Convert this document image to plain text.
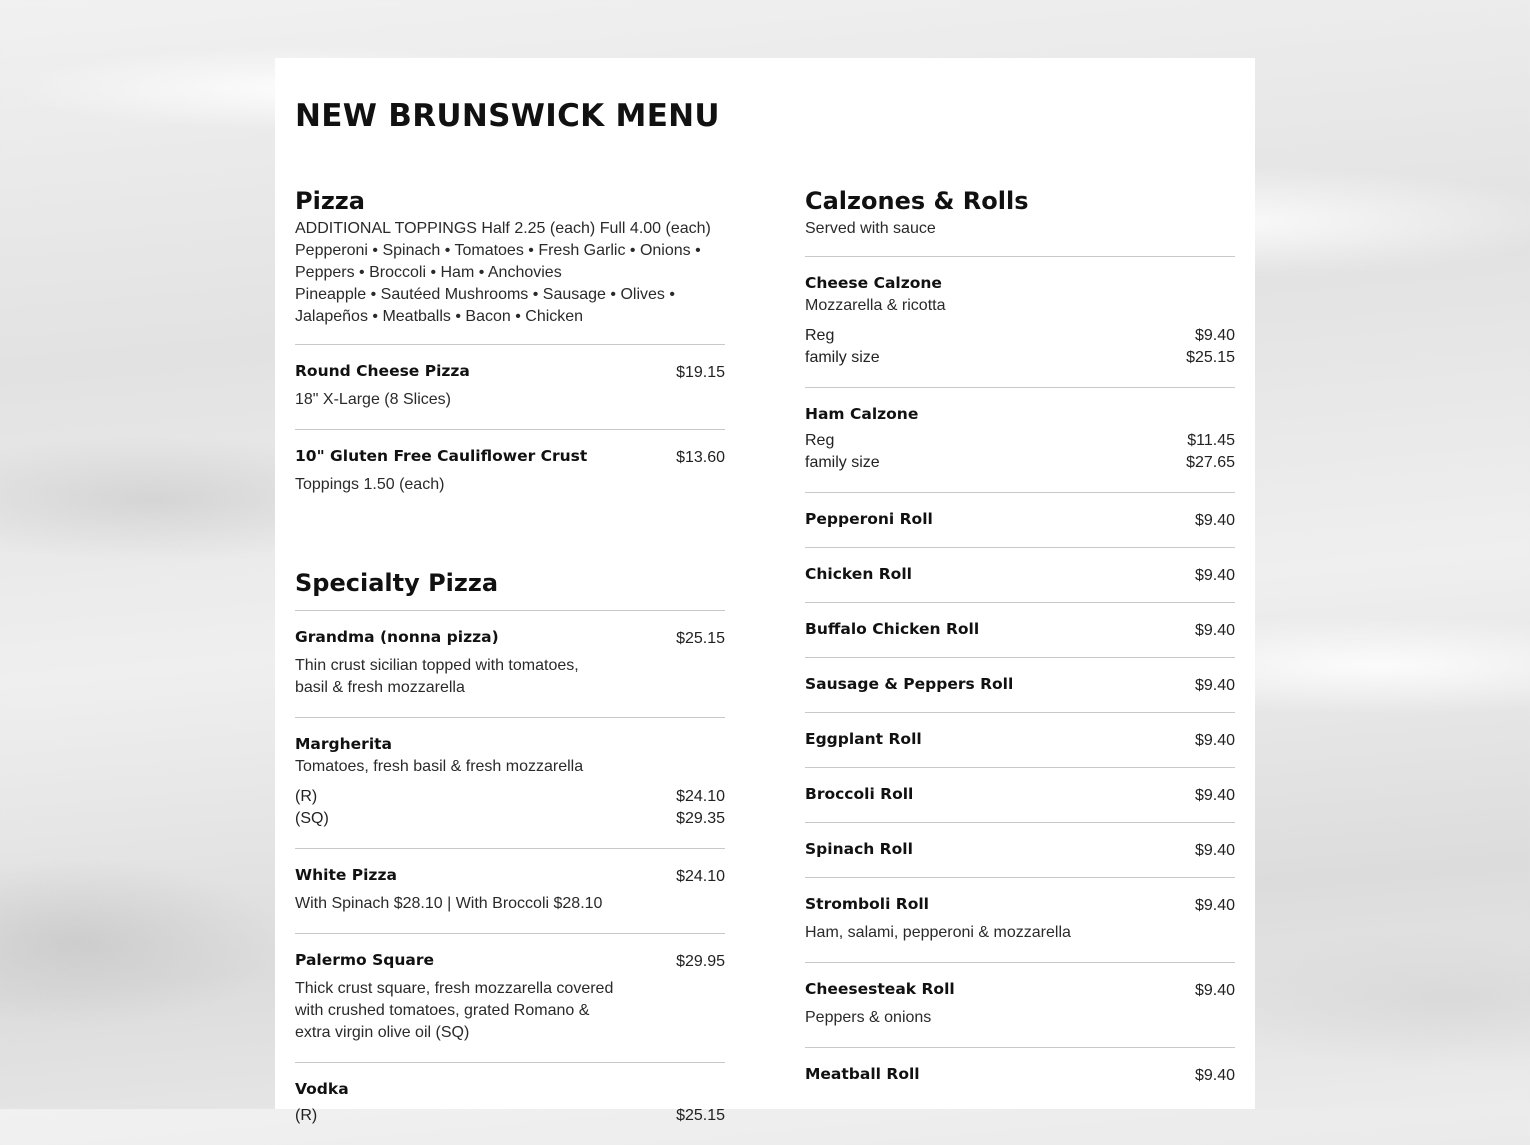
NEW BRUNSWICK MENU
Pizza
ADDITIONAL TOPPINGS Half 2.25 (each) Full 4.00 (each)
Pepperoni • Spinach • Tomatoes • Fresh Garlic • Onions •
Peppers • Broccoli • Ham • Anchovies
Pineapple • Sautéed Mushrooms • Sausage • Olives •
Jalapeños • Meatballs • Bacon • Chicken
Round Cheese Pizza	$19.15
18" X-Large (8 Slices)
10" Gluten Free Cauliflower Crust	$13.60
Toppings 1.50 (each)
Specialty Pizza
Grandma (nonna pizza)	$25.15
Thin crust sicilian topped with tomatoes, basil & fresh mozzarella
Margherita
Tomatoes, fresh basil & fresh mozzarella
(R)	$24.10
(SQ)	$29.35
White Pizza	$24.10
With Spinach $28.10 | With Broccoli $28.10
Palermo Square	$29.95
Thick crust square, fresh mozzarella covered with crushed tomatoes, grated Romano & extra virgin olive oil (SQ)
Vodka
(R)	$25.15
Calzones & Rolls
Served with sauce
Cheese Calzone
Mozzarella & ricotta
Reg	$9.40
family size	$25.15
Ham Calzone
Reg	$11.45
family size	$27.65
Pepperoni Roll	$9.40
Chicken Roll	$9.40
Buffalo Chicken Roll	$9.40
Sausage & Peppers Roll	$9.40
Eggplant Roll	$9.40
Broccoli Roll	$9.40
Spinach Roll	$9.40
Stromboli Roll	$9.40
Ham, salami, pepperoni & mozzarella
Cheesesteak Roll	$9.40
Peppers & onions
Meatball Roll	$9.40
